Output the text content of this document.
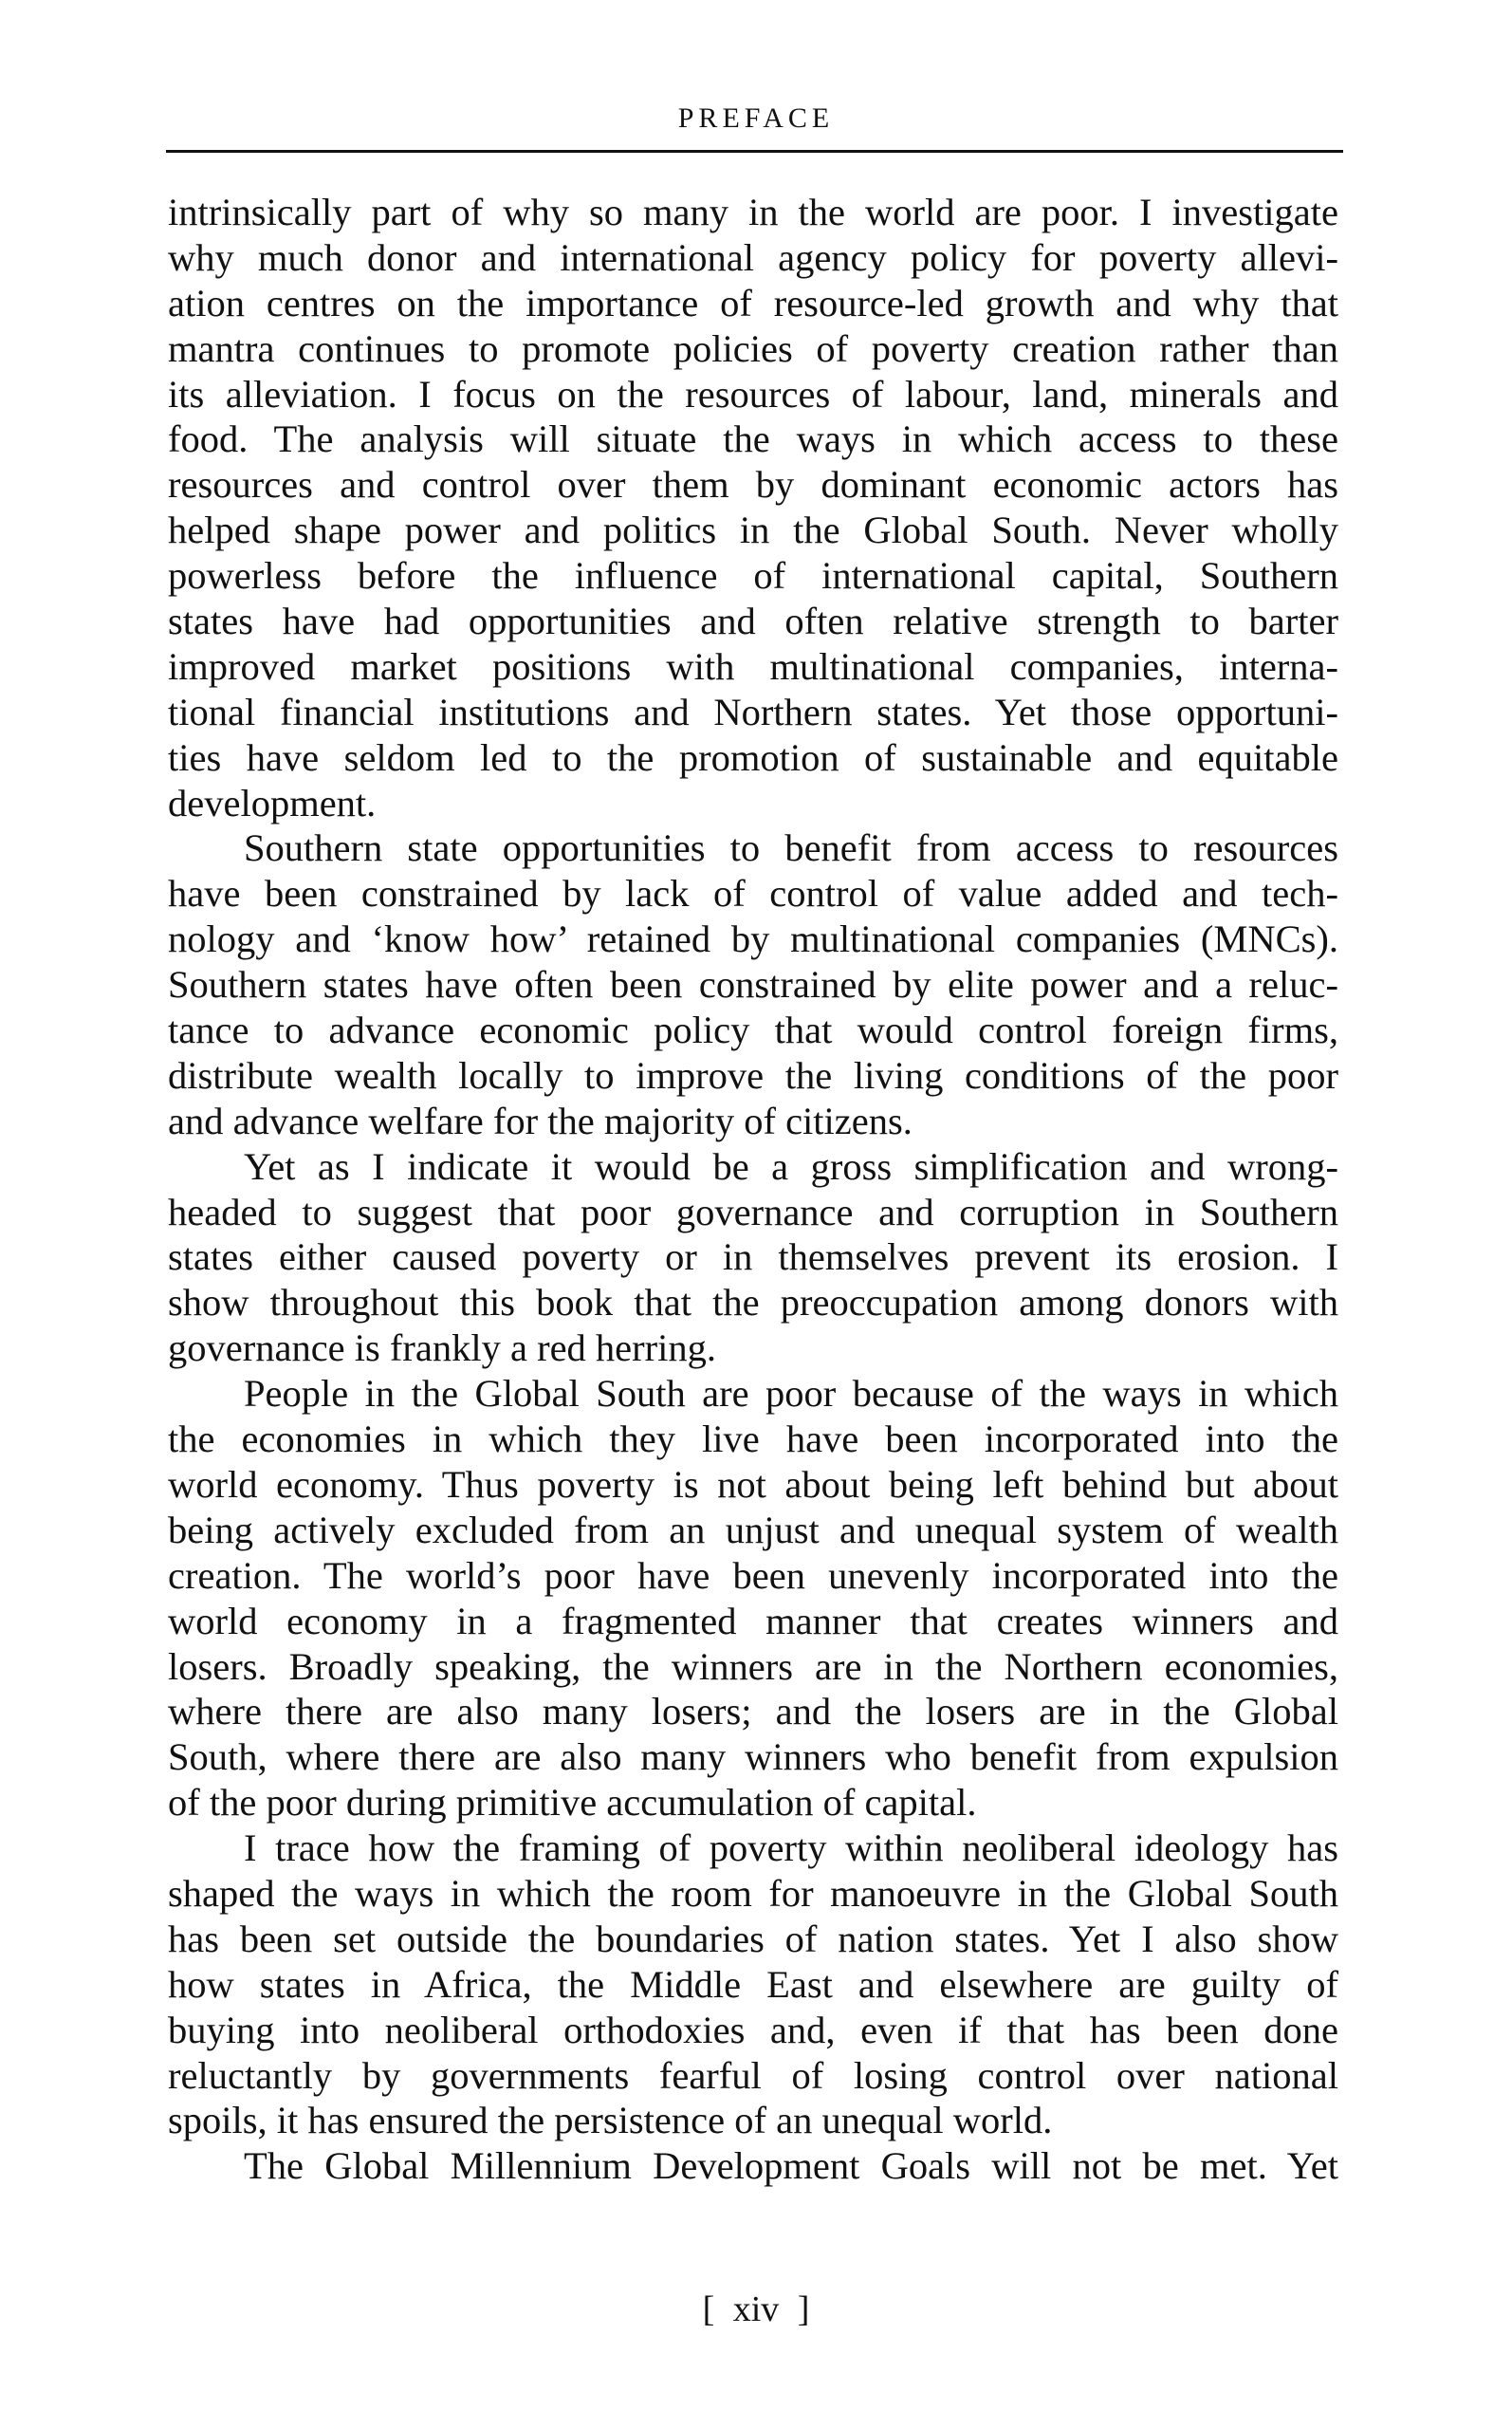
PREFACE
intrinsically part of why so many in the world are poor. I investigate
why much donor and international agency policy for poverty allevi-
ation centres on the importance of resource-led growth and why that
mantra continues to promote policies of poverty creation rather than
its alleviation. I focus on the resources of labour, land, minerals and
food. The analysis will situate the ways in which access to these
resources and control over them by dominant economic actors has
helped shape power and politics in the Global South. Never wholly
powerless before the influence of international capital, Southern
states have had opportunities and often relative strength to barter
improved market positions with multinational companies, interna-
tional financial institutions and Northern states. Yet those opportuni-
ties have seldom led to the promotion of sustainable and equitable
development.
Southern state opportunities to benefit from access to resources
have been constrained by lack of control of value added and tech-
nology and ‘know how’ retained by multinational companies (MNCs).
Southern states have often been constrained by elite power and a reluc-
tance to advance economic policy that would control foreign firms,
distribute wealth locally to improve the living conditions of the poor
and advance welfare for the majority of citizens.
Yet as I indicate it would be a gross simplification and wrong-
headed to suggest that poor governance and corruption in Southern
states either caused poverty or in themselves prevent its erosion. I
show throughout this book that the preoccupation among donors with
governance is frankly a red herring.
People in the Global South are poor because of the ways in which
the economies in which they live have been incorporated into the
world economy. Thus poverty is not about being left behind but about
being actively excluded from an unjust and unequal system of wealth
creation. The world’s poor have been unevenly incorporated into the
world economy in a fragmented manner that creates winners and
losers. Broadly speaking, the winners are in the Northern economies,
where there are also many losers; and the losers are in the Global
South, where there are also many winners who benefit from expulsion
of the poor during primitive accumulation of capital.
I trace how the framing of poverty within neoliberal ideology has
shaped the ways in which the room for manoeuvre in the Global South
has been set outside the boundaries of nation states. Yet I also show
how states in Africa, the Middle East and elsewhere are guilty of
buying into neoliberal orthodoxies and, even if that has been done
reluctantly by governments fearful of losing control over national
spoils, it has ensured the persistence of an unequal world.
The Global Millennium Development Goals will not be met. Yet
[ xiv ]
